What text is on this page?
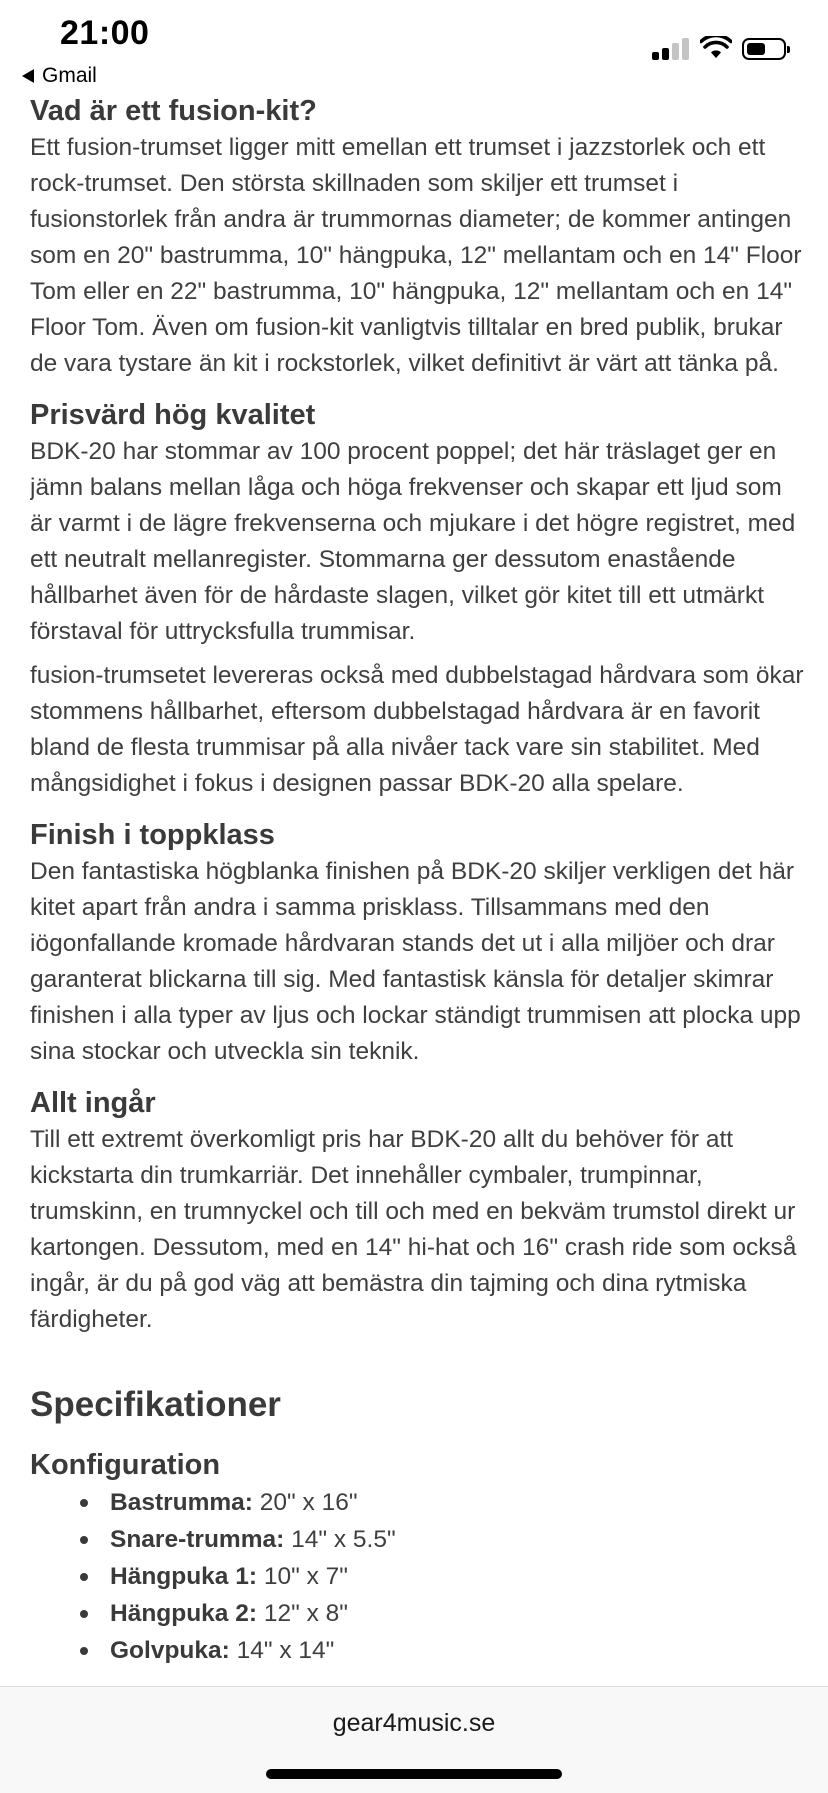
21:00
Gmail
Vad är ett fusion-kit?

Ett fusion-trumset ligger mitt emellan ett trumset i jazzstorlek och ett rock-trumset. Den största skillnaden som skiljer ett trumset i fusionstorlek från andra är trummornas diameter; de kommer antingen som en 20" bastrumma, 10" hängpuka, 12" mellantam och en 14" Floor Tom eller en 22" bastrumma, 10" hängpuka, 12" mellantam och en 14" Floor Tom. Även om fusion-kit vanligtvis tilltalar en bred publik, brukar de vara tystare än kit i rockstorlek, vilket definitivt är värt att tänka på.

Prisvärd hög kvalitet

BDK-20 har stommar av 100 procent poppel; det här träslaget ger en jämn balans mellan låga och höga frekvenser och skapar ett ljud som är varmt i de lägre frekvenserna och mjukare i det högre registret, med ett neutralt mellanregister. Stommarna ger dessutom enastående hållbarhet även för de hårdaste slagen, vilket gör kitet till ett utmärkt förstaval för uttrycksfulla trummisar.

fusion-trumsetet levereras också med dubbelstagad hårdvara som ökar stommens hållbarhet, eftersom dubbelstagad hårdvara är en favorit bland de flesta trummisar på alla nivåer tack vare sin stabilitet. Med mångsidighet i fokus i designen passar BDK-20 alla spelare.

Finish i toppklass

Den fantastiska högblanka finishen på BDK-20 skiljer verkligen det här kitet apart från andra i samma prisklass. Tillsammans med den iögonfallande kromade hårdvaran stands det ut i alla miljöer och drar garanterat blickarna till sig. Med fantastisk känsla för detaljer skimrar finishen i alla typer av ljus och lockar ständigt trummisen att plocka upp sina stockar och utveckla sin teknik.

Allt ingår

Till ett extremt överkomligt pris har BDK-20 allt du behöver för att kickstarta din trumkarriär. Det innehåller cymbaler, trumpinnar, trumskinn, en trumnyckel och till och med en bekväm trumstol direkt ur kartongen. Dessutom, med en 14" hi-hat och 16" crash ride som också ingår, är du på god väg att bemästra din tajming och dina rytmiska färdigheter.

Specifikationer
Konfiguration
Bastrumma: 20" x 16"
Snare-trumma: 14" x 5.5"
Hängpuka 1: 10" x 7"
Hängpuka 2: 12" x 8"
Golvpuka: 14" x 14"
gear4music.se
